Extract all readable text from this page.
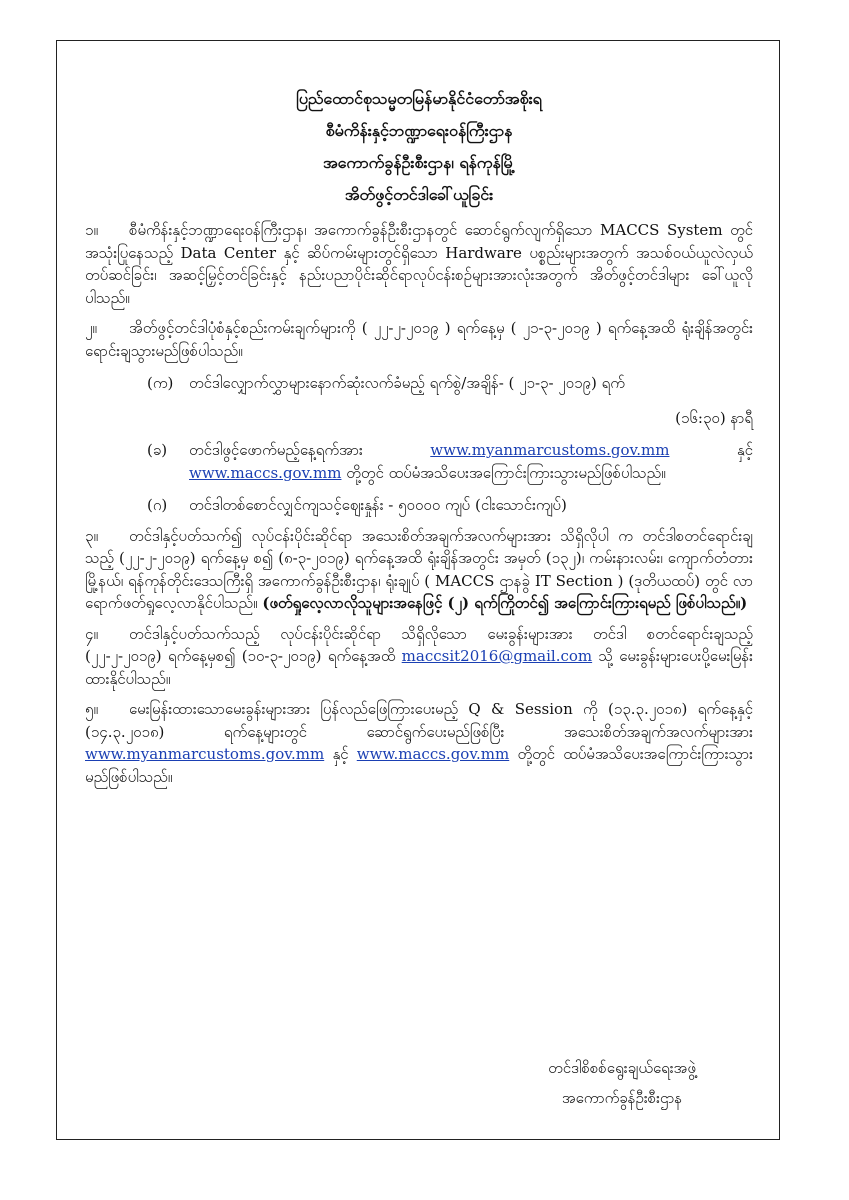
ပြည်ထောင်စုသမ္မတမြန်မာနိုင်ငံတော်အစိုးရ
စီမံကိန်းနှင့်ဘဏ္ဍာရေးဝန်ကြီးဌာန
အကောက်ခွန်ဦးစီးဌာန၊ ရန်ကုန်မြို့
အိတ်ဖွင့်တင်ဒါခေါ်ယူခြင်း
၁။ စီမံကိန်းနှင့်ဘဏ္ဍာရေးဝန်ကြီးဌာန၊ အကောက်ခွန်ဦးစီးဌာနတွင် ဆောင်ရွက်လျက်ရှိသော MACCS System တွင်အသုံးပြုနေသည့် Data Center နှင့် ဆိပ်ကမ်းများတွင်ရှိသော Hardware ပစ္စည်းများအတွက် အသစ်ဝယ်ယူလဲလှယ်တပ်ဆင်ခြင်း၊ အဆင့်မြှင့်တင်ခြင်းနှင့် နည်းပညာပိုင်းဆိုင်ရာလုပ်ငန်းစဉ်များအားလုံးအတွက် အိတ်ဖွင့်တင်ဒါများ ခေါ်ယူလိုပါသည်။
၂။ အိတ်ဖွင့်တင်ဒါပုံစံနှင့်စည်းကမ်းချက်များကို ( ၂၂-၂-၂၀၁၉ ) ရက်နေ့မှ ( ၂၁-၃-၂၀၁၉ ) ရက်နေ့အထိ ရုံးချိန်အတွင်းရောင်းချသွားမည်ဖြစ်ပါသည်။
(က) တင်ဒါလျှောက်လွှာများနောက်ဆုံးလက်ခံမည့် ရက်စွဲ/အချိန်- ( ၂၁-၃- ၂၀၁၉) ရက်
(၁၆:၃၀) နာရီ
(ခ) တင်ဒါဖွင့်ဖောက်မည့်နေ့ရက်အား	www.myanmarcustoms.gov.mm	နှင့် www.maccs.gov.mm တို့တွင် ထပ်မံအသိပေးအကြောင်းကြားသွားမည်ဖြစ်ပါသည်။
(ဂ) တင်ဒါတစ်စောင်လျှင်ကျသင့်ဈေးနှုန်း - ၅၀၀၀၀ ကျပ် (ငါးသောင်းကျပ်)
၃။ တင်ဒါနှင့်ပတ်သက်၍ လုပ်ငန်းပိုင်းဆိုင်ရာ အသေးစိတ်အချက်အလက်များအား သိရှိလိုပါ က တင်ဒါစတင်ရောင်းချသည့် (၂၂-၂-၂၀၁၉) ရက်နေ့မှ စ၍ (၈-၃-၂၀၁၉) ရက်နေ့အထိ ရုံးချိန်အတွင်း အမှတ် (၁၃၂)၊ ကမ်းနားလမ်း၊ ကျောက်တံတားမြို့နယ်၊ ရန်ကုန်တိုင်းဒေသကြီးရှိ အကောက်ခွန်ဦးစီးဌာန၊ ရုံးချုပ် ( MACCS ဌာနခွဲ IT Section ) (ဒုတိယထပ်) တွင် လာရောက်ဖတ်ရှုလေ့လာနိုင်ပါသည်။ (ဖတ်ရှုလေ့လာလိုသူများအနေဖြင့် (၂) ရက်ကြိုတင်၍ အကြောင်းကြားရမည် ဖြစ်ပါသည်။)
၄။ တင်ဒါနှင့်ပတ်သက်သည့် လုပ်ငန်းပိုင်းဆိုင်ရာ သိရှိလိုသော မေးခွန်းများအား တင်ဒါ စတင်ရောင်းချသည့် (၂၂-၂-၂၀၁၉) ရက်နေ့မှစ၍ (၁၀-၃-၂၀၁၉) ရက်နေ့အထိ maccsit2016@gmail.com သို့ မေးခွန်းများပေးပို့မေးမြန်းထားနိုင်ပါသည်။
၅။ မေးမြန်းထားသောမေးခွန်းများအား ပြန်လည်ဖြေကြားပေးမည့် Q & Session ကို (၁၃.၃.၂၀၁၈) ရက်နေ့နှင့် (၁၄.၃.၂၀၁၈) ရက်နေ့များတွင် ဆောင်ရွက်ပေးမည်ဖြစ်ပြီး အသေးစိတ်အချက်အလက်များအား www.myanmarcustoms.gov.mm နှင့် www.maccs.gov.mm တို့တွင် ထပ်မံအသိပေးအကြောင်းကြားသွားမည်ဖြစ်ပါသည်။
တင်ဒါစိစစ်ရွေးချယ်ရေးအဖွဲ့
အကောက်ခွန်ဦးစီးဌာန
